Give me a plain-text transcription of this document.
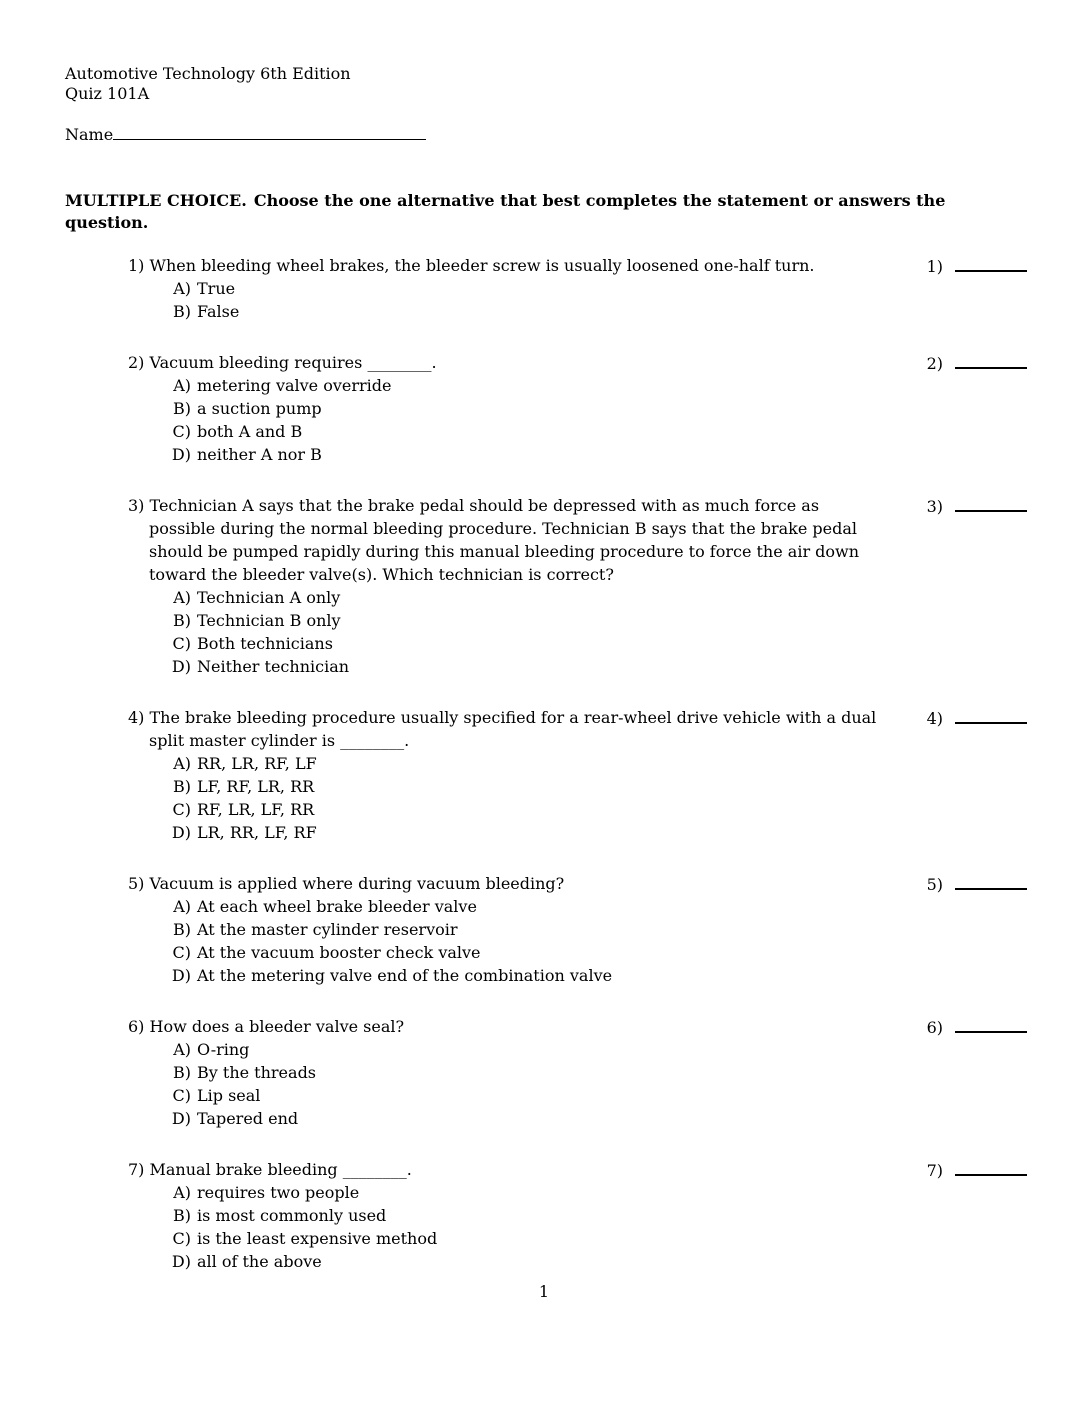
Automotive Technology 6th Edition
Quiz 101A
Name
MULTIPLE CHOICE. Choose the one alternative that best completes the statement or answers the question.
1) When bleeding wheel brakes, the bleeder screw is usually loosened one-half turn.
A) True
B) False
1)
2) Vacuum bleeding requires ________.
A) metering valve override
B) a suction pump
C) both A and B
D) neither A nor B
2)
3) Technician A says that the brake pedal should be depressed with as much force as possible during the normal bleeding procedure. Technician B says that the brake pedal should be pumped rapidly during this manual bleeding procedure to force the air down toward the bleeder valve(s). Which technician is correct?
A) Technician A only
B) Technician B only
C) Both technicians
D) Neither technician
3)
4) The brake bleeding procedure usually specified for a rear-wheel drive vehicle with a dual split master cylinder is ________.
A) RR, LR, RF, LF
B) LF, RF, LR, RR
C) RF, LR, LF, RR
D) LR, RR, LF, RF
4)
5) Vacuum is applied where during vacuum bleeding?
A) At each wheel brake bleeder valve
B) At the master cylinder reservoir
C) At the vacuum booster check valve
D) At the metering valve end of the combination valve
5)
6) How does a bleeder valve seal?
A) O-ring
B) By the threads
C) Lip seal
D) Tapered end
6)
7) Manual brake bleeding ________.
A) requires two people
B) is most commonly used
C) is the least expensive method
D) all of the above
7)
1
